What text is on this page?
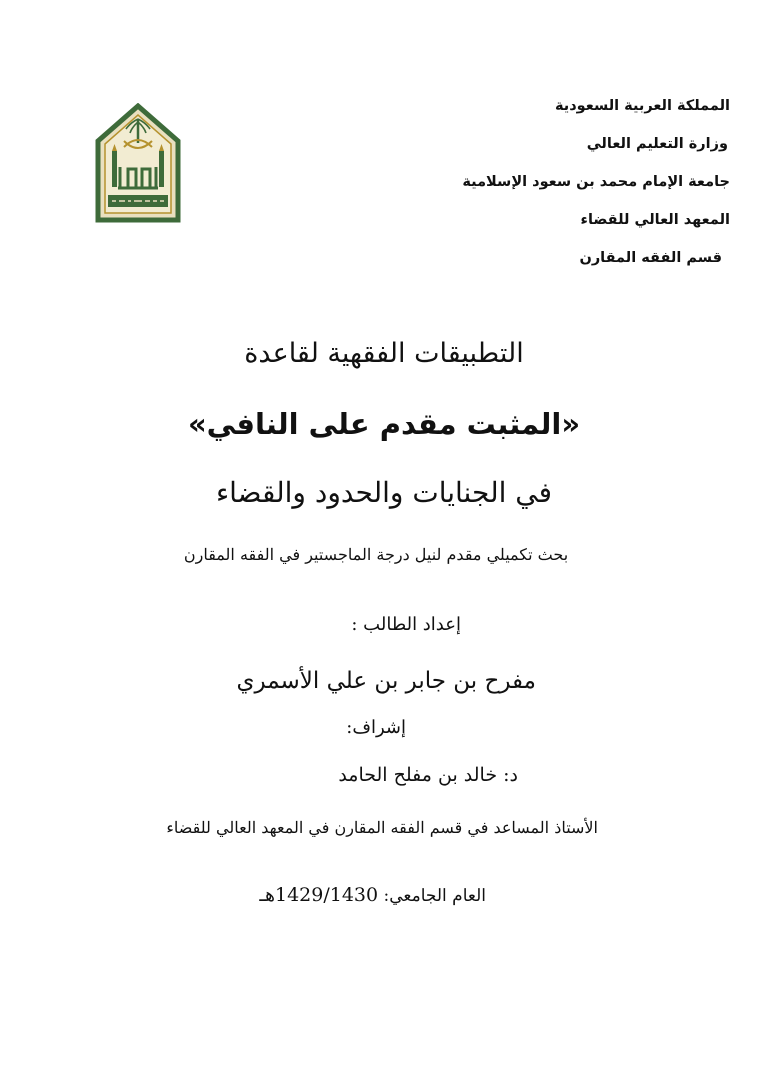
المملكة العربية السعودية
وزارة التعليم العالي
جامعة الإمام محمد بن سعود الإسلامية
المعهد العالي للقضاء
قسم الفقه المقارن
التطبيقات الفقهية لقاعدة
«المثبت مقدم على النافي»
في الجنايات والحدود والقضاء
بحث تكميلي مقدم لنيل درجة الماجستير في الفقه المقارن
إعداد الطالب :
مفرح بن جابر بن علي الأسمري
إشراف:
د: خالد بن مفلح الحامد
الأستاذ المساعد في قسم الفقه المقارن في المعهد العالي للقضاء
العام الجامعي: 1429/1430هـ
